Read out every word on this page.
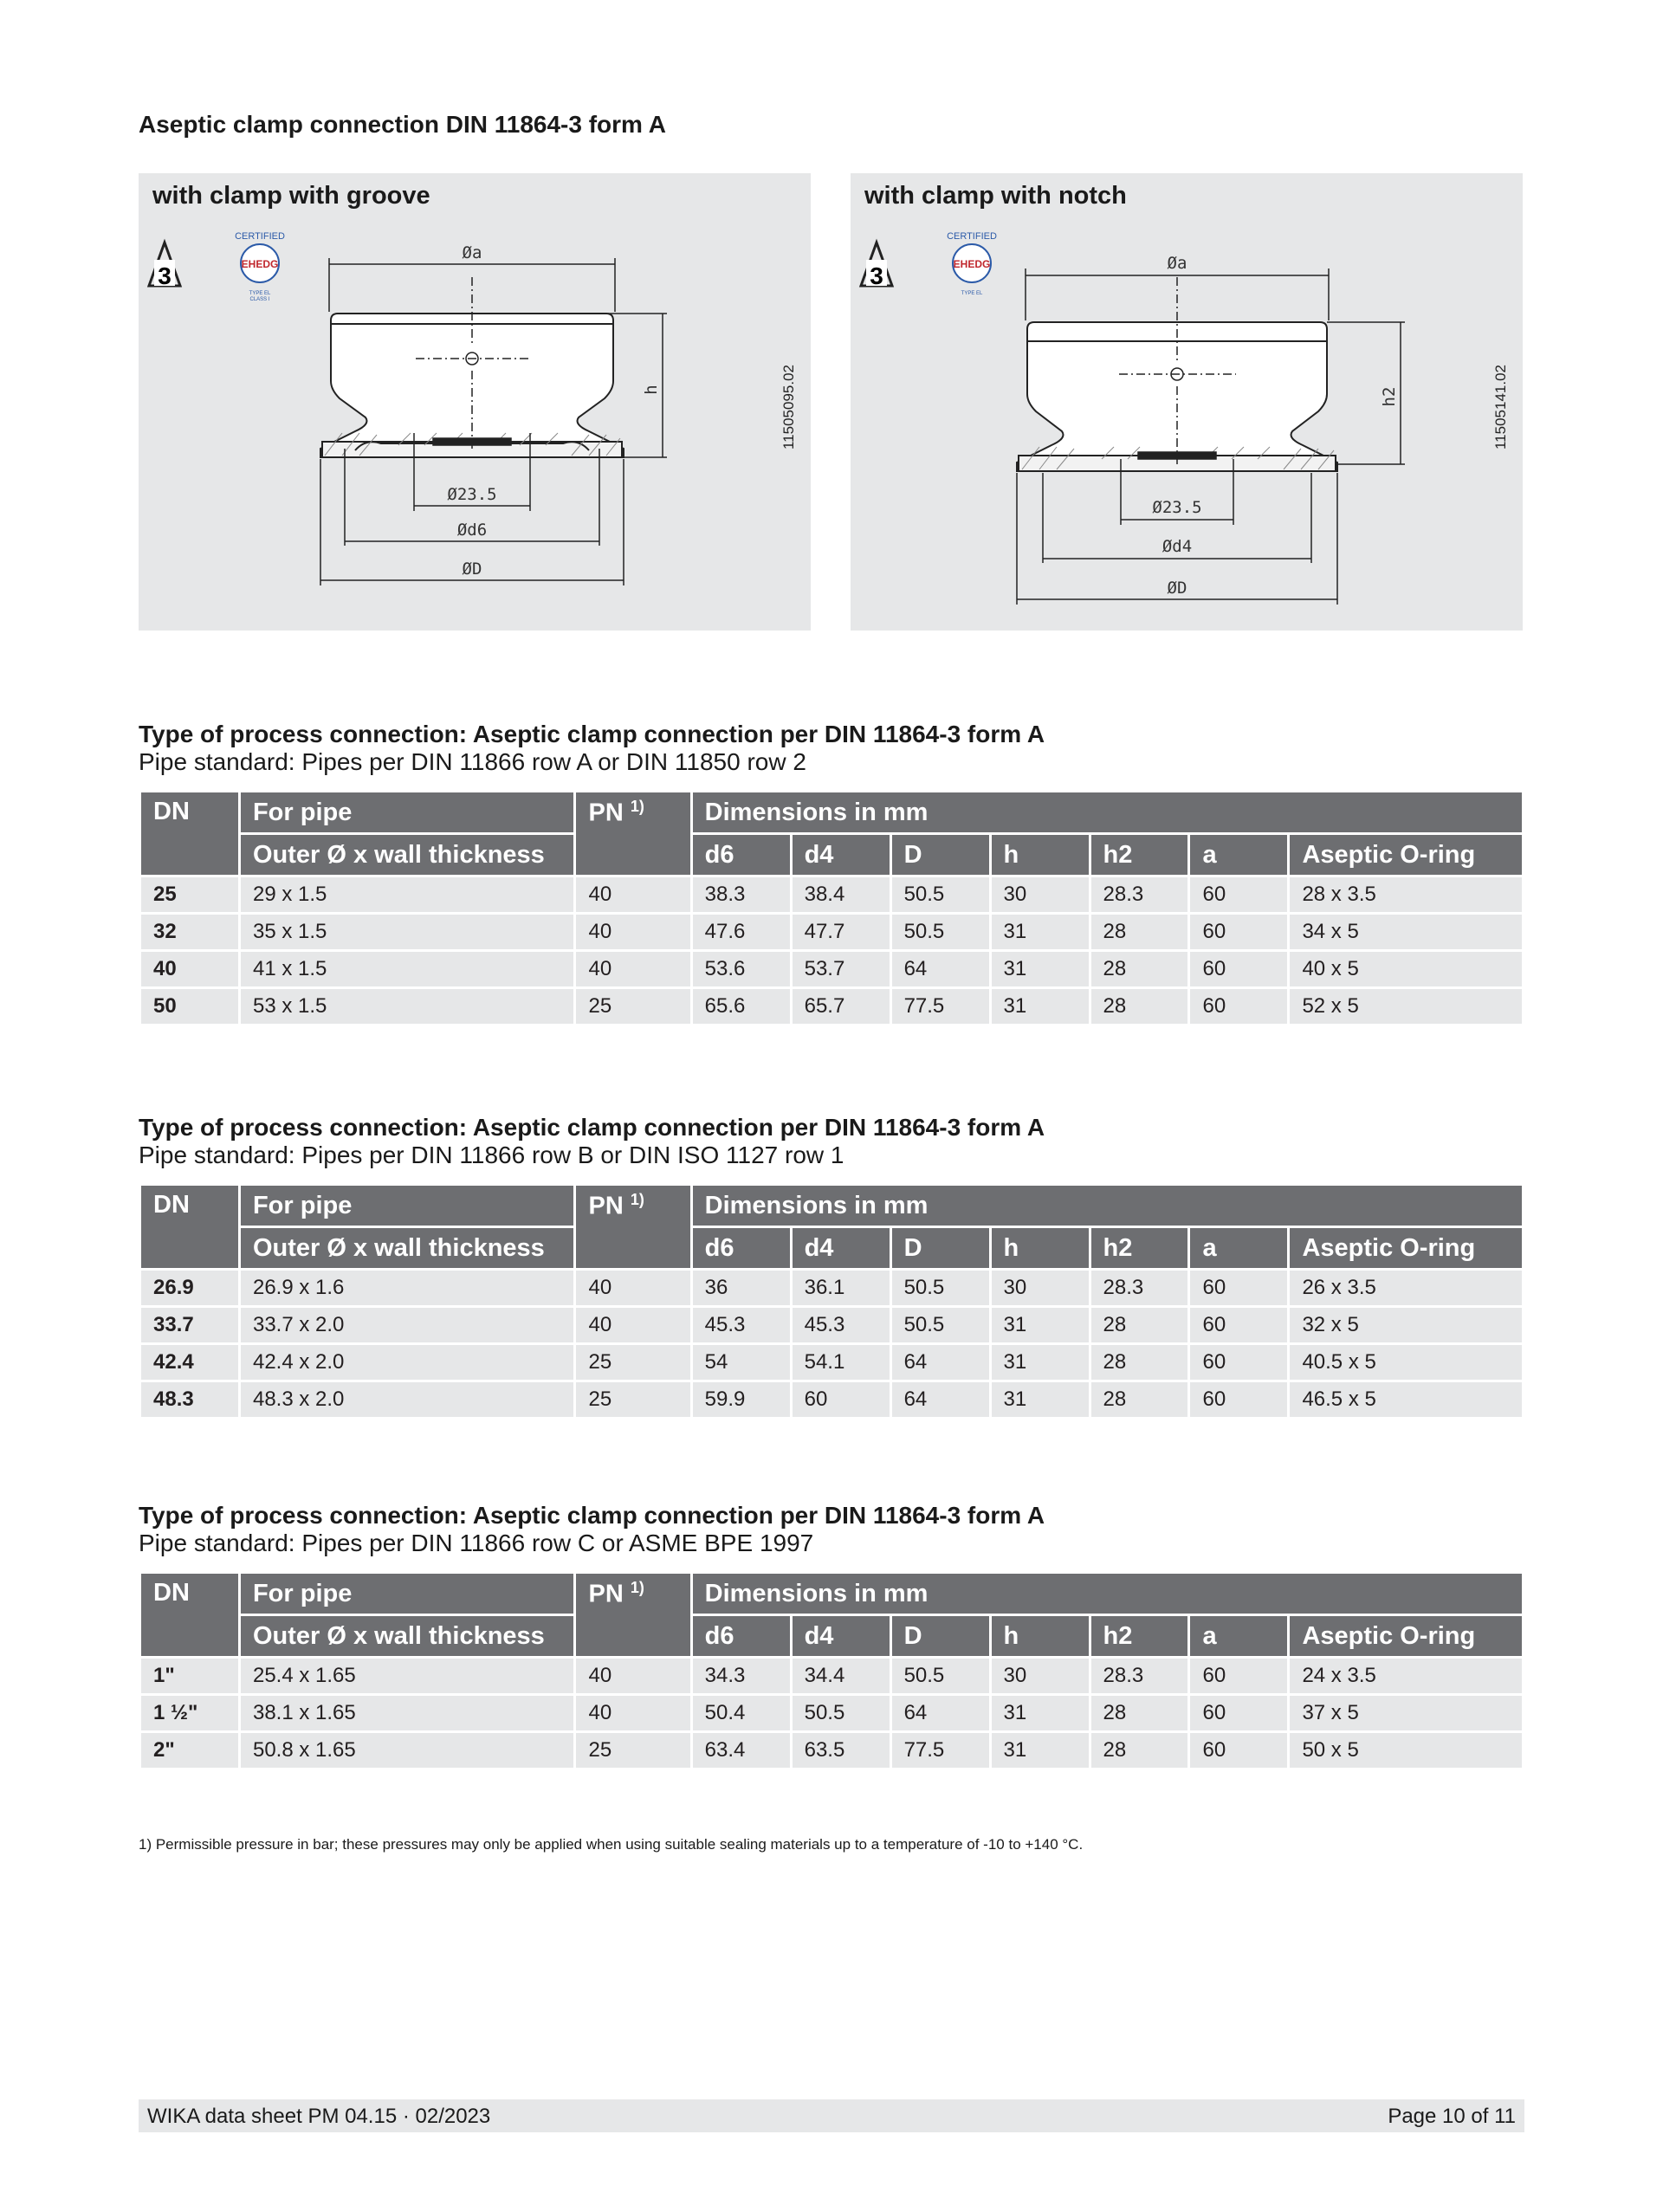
Aseptic clamp connection DIN 11864-3 form A
with clamp with groove
3
CERTIFIED
EHEDG
TYPE EL
CLASS I
Øa
h
Ø23.5
Ød6
ØD
11505095.02
with clamp with notch
3
CERTIFIED
EHEDG
TYPE EL
Øa
h2
Ø23.5
Ød4
ØD
11505141.02

Type of process connection: Aseptic clamp connection per DIN 11864-3 form A

Pipe standard: Pipes per DIN 11866 row A or DIN 11850 row 2

Type of process connection: Aseptic clamp connection per DIN 11864-3 form A

Pipe standard: Pipes per DIN 11866 row B or DIN ISO 1127 row 1

Type of process connection: Aseptic clamp connection per DIN 11864-3 form A

Pipe standard: Pipes per DIN 11866 row C or ASME BPE 1997

DN	For pipe	PN $^{1)}$	Dimensions in mm						
	Outer Ø x wall thickness		d6	d4	D	h	h2	a	Aseptic O-ring
25	29 x 1.5	40	38.3	38.4	50.5	30	28.3	60	28 x 3.5
32	35 x 1.5	40	47.6	47.7	50.5	31	28	60	34 x 5
40	41 x 1.5	40	53.6	53.7	64	31	28	60	40 x 5
50	53 x 1.5	25	65.6	65.7	77.5	31	28	60	52 x 5
DN	For pipe	PN $^{1)}$	Dimensions in mm						
	Outer Ø x wall thickness		d6	d4	D	h	h2	a	Aseptic O-ring
26.9	26.9 x 1.6	40	36	36.1	50.5	30	28.3	60	26 x 3.5
33.7	33.7 x 2.0	40	45.3	45.3	50.5	31	28	60	32 x 5
42.4	42.4 x 2.0	25	54	54.1	64	31	28	60	40.5 x 5
48.3	48.3 x 2.0	25	59.9	60	64	31	28	60	46.5 x 5
DN	For pipe	PN $^{1)}$	Dimensions in mm						
	Outer Ø x wall thickness		d6	d4	D	h	h2	a	Aseptic O-ring
1"	25.4 x 1.65	40	34.3	34.4	50.5	30	28.3	60	24 x 3.5
1 ½"	38.1 x 1.65	40	50.4	50.5	64	31	28	60	37 x 5
2"	50.8 x 1.65	25	63.4	63.5	77.5	31	28	60	50 x 5
1) Permissible pressure in bar; these pressures may only be applied when using suitable sealing materials up to a temperature of -10 to +140 °C.
WIKA data sheet PM 04.15 · 02/2023	Page 10 of 11
